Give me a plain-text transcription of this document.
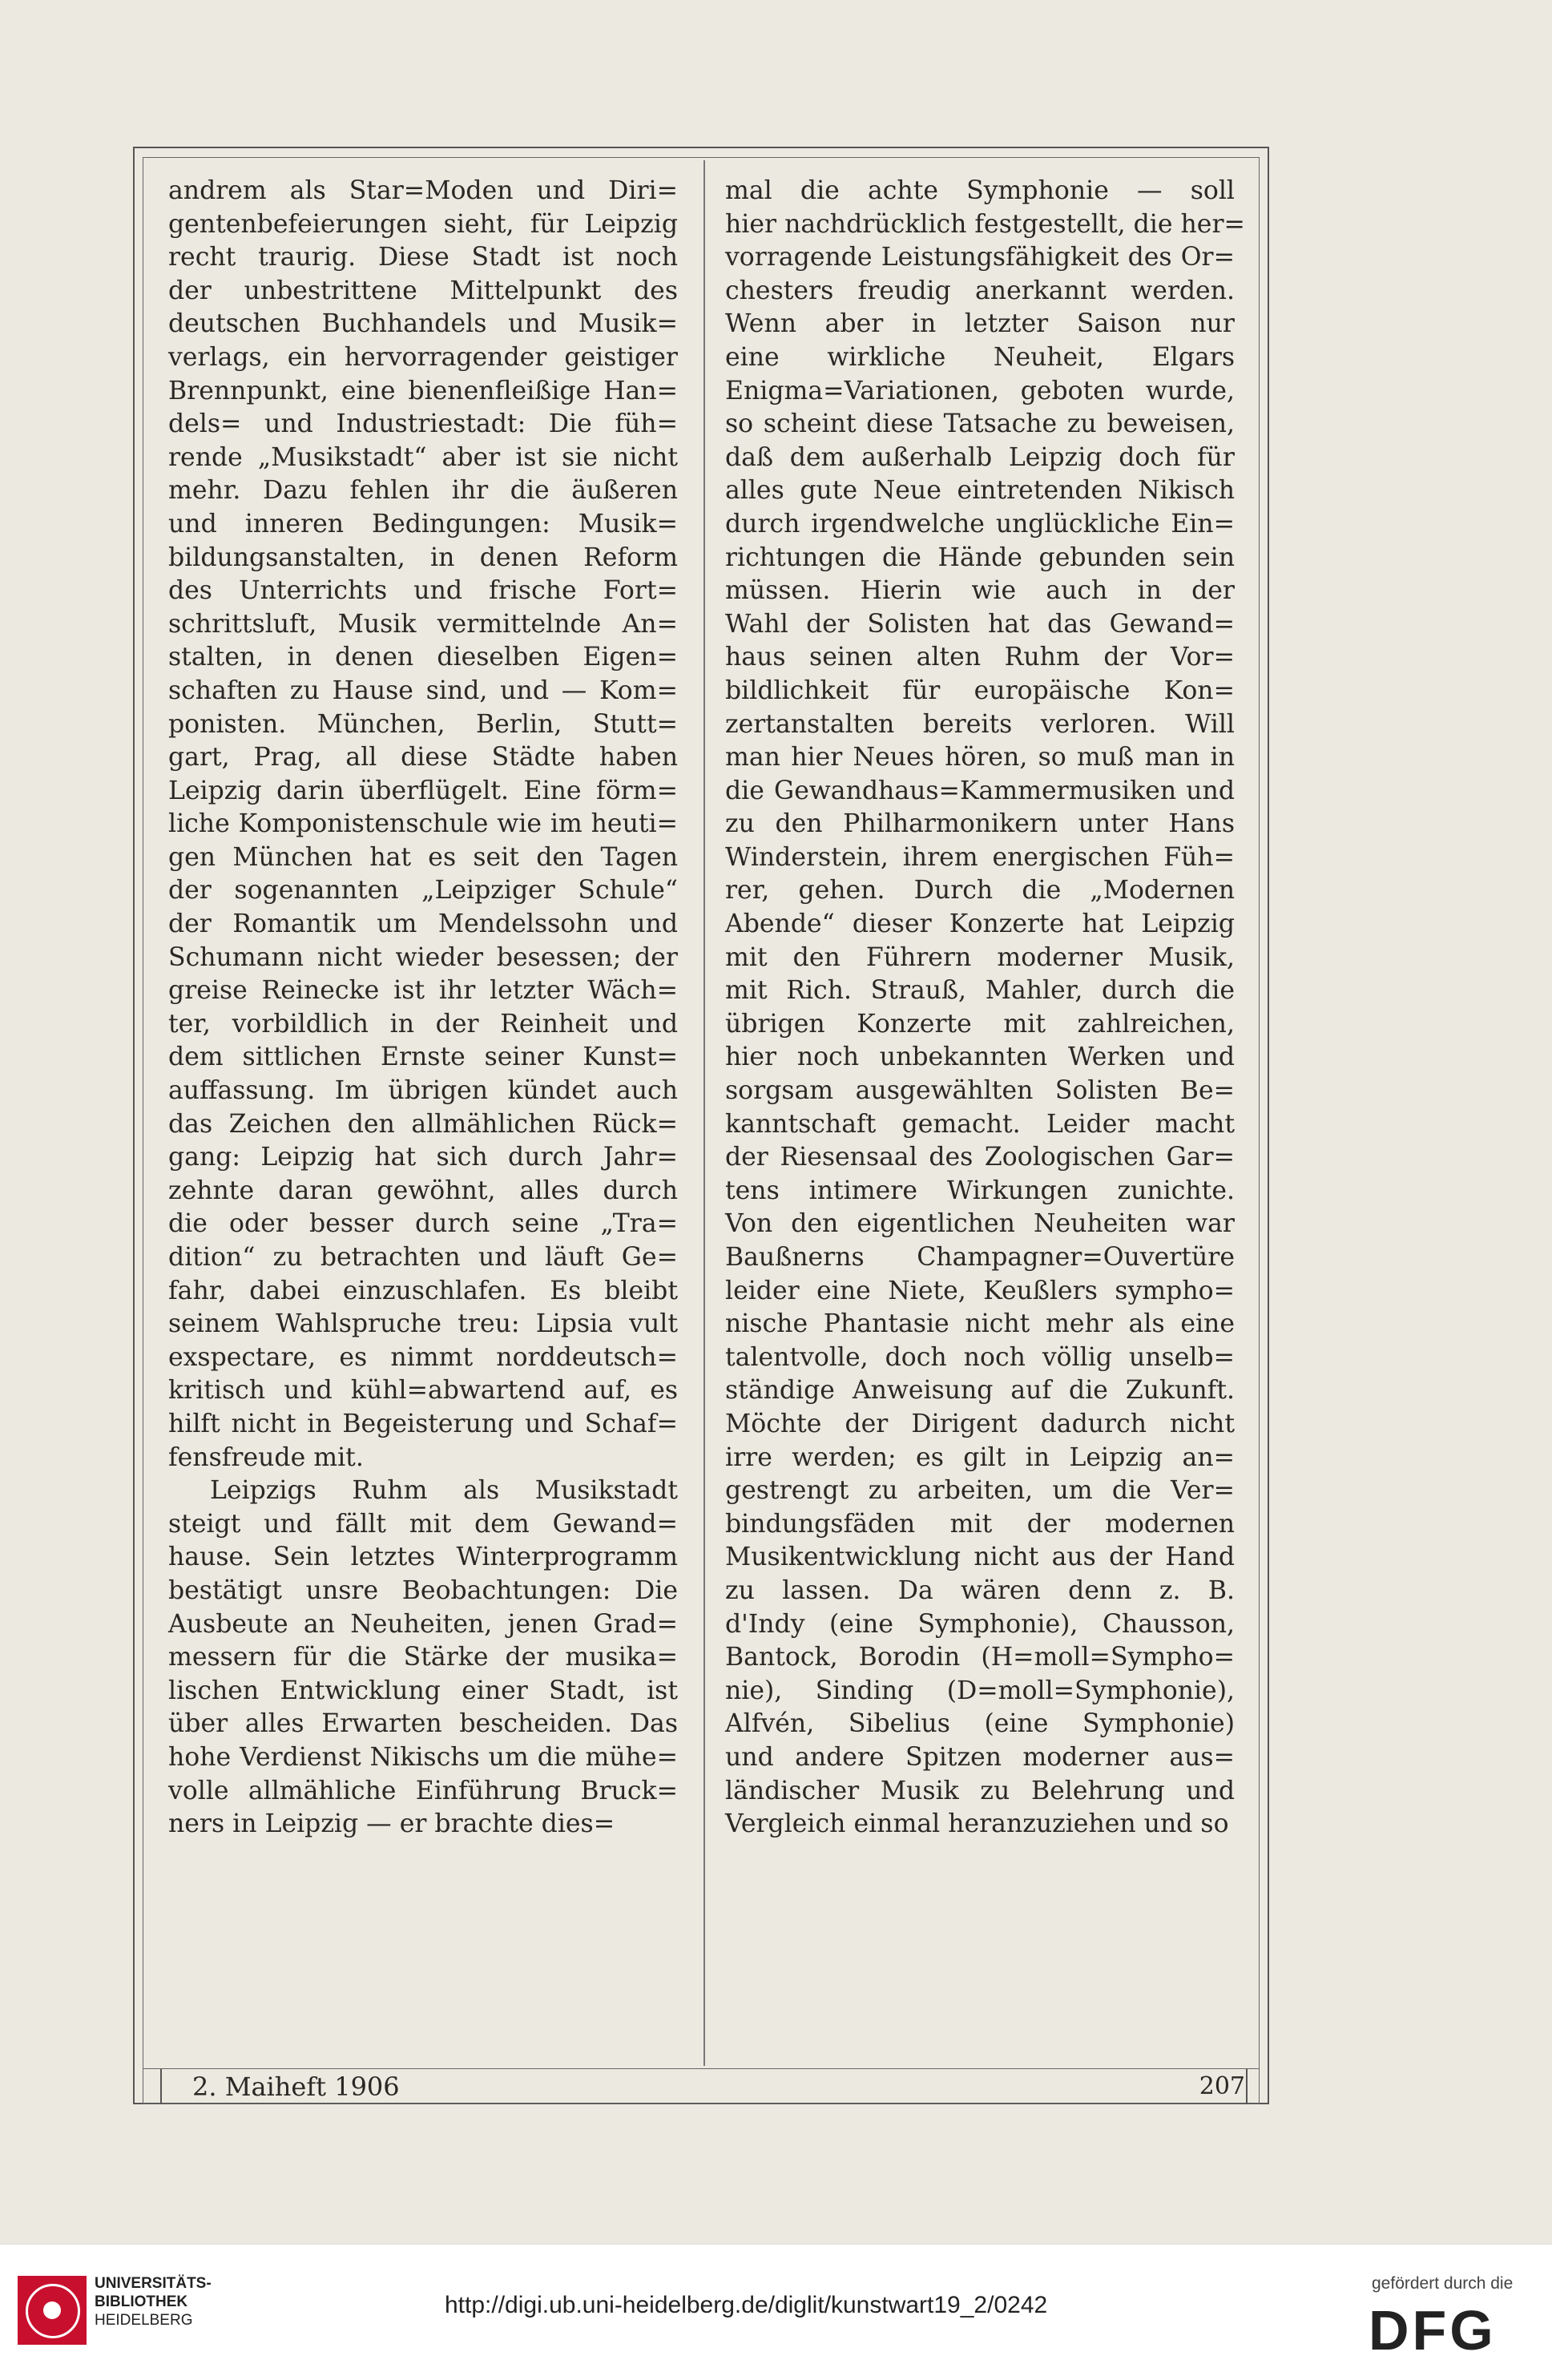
andrem als Star=Moden und Diri=
gentenbefeierungen sieht, für Leipzig
recht traurig. Diese Stadt ist noch
der unbestrittene Mittelpunkt des
deutschen Buchhandels und Musik=
verlags, ein hervorragender geistiger
Brennpunkt, eine bienenfleißige Han=
dels= und Industriestadt: Die füh=
rende „Musikstadt“ aber ist sie nicht
mehr. Dazu fehlen ihr die äußeren
und inneren Bedingungen: Musik=
bildungsanstalten, in denen Reform
des Unterrichts und frische Fort=
schrittsluft, Musik vermittelnde An=
stalten, in denen dieselben Eigen=
schaften zu Hause sind, und — Kom=
ponisten. München, Berlin, Stutt=
gart, Prag, all diese Städte haben
Leipzig darin überflügelt. Eine förm=
liche Komponistenschule wie im heuti=
gen München hat es seit den Tagen
der sogenannten „Leipziger Schule“
der Romantik um Mendelssohn und
Schumann nicht wieder besessen; der
greise Reinecke ist ihr letzter Wäch=
ter, vorbildlich in der Reinheit und
dem sittlichen Ernste seiner Kunst=
auffassung. Im übrigen kündet auch
das Zeichen den allmählichen Rück=
gang: Leipzig hat sich durch Jahr=
zehnte daran gewöhnt, alles durch
die oder besser durch seine „Tra=
dition“ zu betrachten und läuft Ge=
fahr, dabei einzuschlafen. Es bleibt
seinem Wahlspruche treu: Lipsia vult
exspectare, es nimmt norddeutsch=
kritisch und kühl=abwartend auf, es
hilft nicht in Begeisterung und Schaf=
fensfreude mit.
Leipzigs Ruhm als Musikstadt
steigt und fällt mit dem Gewand=
hause. Sein letztes Winterprogramm
bestätigt unsre Beobachtungen: Die
Ausbeute an Neuheiten, jenen Grad=
messern für die Stärke der musika=
lischen Entwicklung einer Stadt, ist
über alles Erwarten bescheiden. Das
hohe Verdienst Nikischs um die mühe=
volle allmähliche Einführung Bruck=
ners in Leipzig — er brachte dies=
mal die achte Symphonie — soll
hier nachdrücklich festgestellt, die her=
vorragende Leistungsfähigkeit des Or=
chesters freudig anerkannt werden.
Wenn aber in letzter Saison nur
eine wirkliche Neuheit, Elgars
Enigma=Variationen, geboten wurde,
so scheint diese Tatsache zu beweisen,
daß dem außerhalb Leipzig doch für
alles gute Neue eintretenden Nikisch
durch irgendwelche unglückliche Ein=
richtungen die Hände gebunden sein
müssen. Hierin wie auch in der
Wahl der Solisten hat das Gewand=
haus seinen alten Ruhm der Vor=
bildlichkeit für europäische Kon=
zertanstalten bereits verloren. Will
man hier Neues hören, so muß man in
die Gewandhaus=Kammermusiken und
zu den Philharmonikern unter Hans
Winderstein, ihrem energischen Füh=
rer, gehen. Durch die „Modernen
Abende“ dieser Konzerte hat Leipzig
mit den Führern moderner Musik,
mit Rich. Strauß, Mahler, durch die
übrigen Konzerte mit zahlreichen,
hier noch unbekannten Werken und
sorgsam ausgewählten Solisten Be=
kanntschaft gemacht. Leider macht
der Riesensaal des Zoologischen Gar=
tens intimere Wirkungen zunichte.
Von den eigentlichen Neuheiten war
Baußnerns Champagner=Ouvertüre
leider eine Niete, Keußlers sympho=
nische Phantasie nicht mehr als eine
talentvolle, doch noch völlig unselb=
ständige Anweisung auf die Zukunft.
Möchte der Dirigent dadurch nicht
irre werden; es gilt in Leipzig an=
gestrengt zu arbeiten, um die Ver=
bindungsfäden mit der modernen
Musikentwicklung nicht aus der Hand
zu lassen. Da wären denn z. B.
d'Indy (eine Symphonie), Chausson,
Bantock, Borodin (H=moll=Sympho=
nie), Sinding (D=moll=Symphonie),
Alfvén, Sibelius (eine Symphonie)
und andere Spitzen moderner aus=
ländischer Musik zu Belehrung und
Vergleich einmal heranzuziehen und so
2. Maiheft 1906	207
UNIVERSITÄTS-
BIBLIOTHEK
HEIDELBERG
http://digi.ub.uni-heidelberg.de/diglit/kunstwart19_2/0242
gefördert durch die
DFG
